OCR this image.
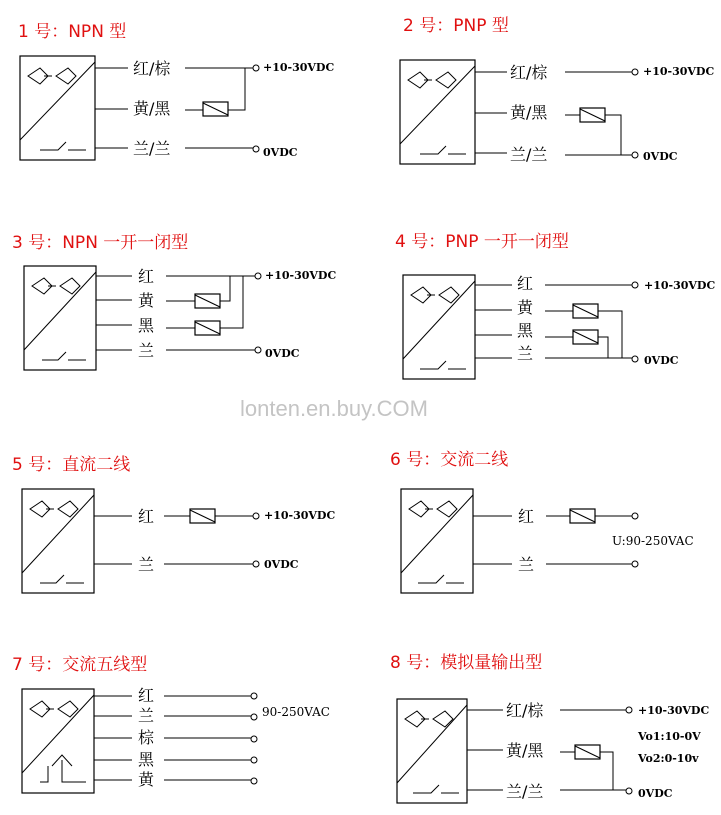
lonten.en.buy.COM
1 号：NPN 型
红/棕
黄/黑
兰/兰
+10-30VDC
0VDC
2 号：PNP 型
红/棕
黄/黑
兰/兰
+10-30VDC
0VDC
3 号：NPN 一开一闭型
红
黄
黑
兰
+10-30VDC
0VDC
4 号：PNP 一开一闭型
红
黄
黑
兰
+10-30VDC
0VDC
5 号：直流二线
红
兰
+10-30VDC
0VDC
6 号：交流二线
红
兰
U:90-250VAC
7 号：交流五线型
红
兰
棕
黑
黄
90-250VAC
8 号：模拟量输出型
红/棕
黄/黑
兰/兰
+10-30VDC
Vo1:10-0V
Vo2:0-10v
0VDC
